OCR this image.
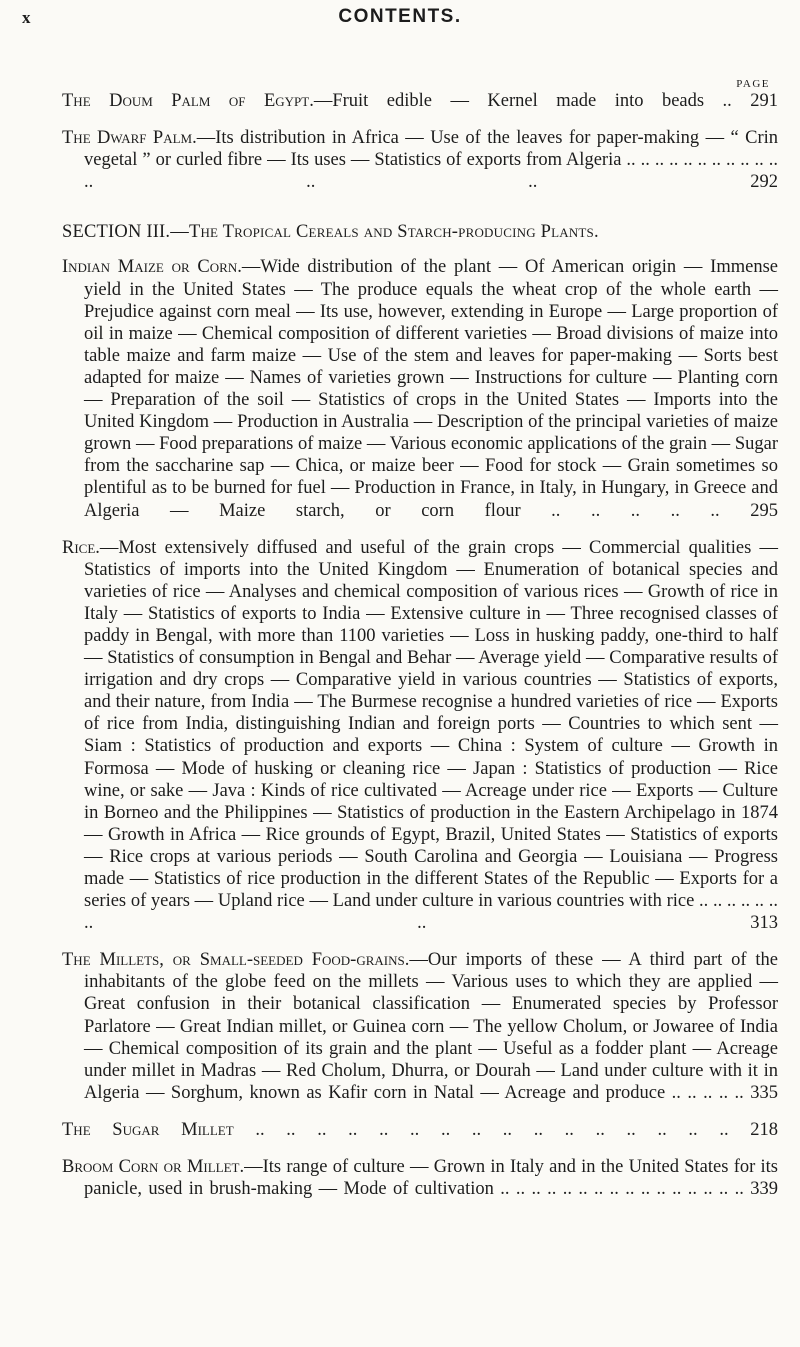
x	CONTENTS.
PAGE

The Doum Palm of Egypt.—Fruit edible — Kernel made into beads .. 291

The Dwarf Palm.—Its distribution in Africa — Use of the leaves for paper-making — “ Crin vegetal ” or curled fibre — Its uses — Statistics of exports from Algeria .. .. .. .. .. .. .. .. .. .. .. .. .. .. 292

SECTION III.—The Tropical Cereals and Starch-producing Plants.

Indian Maize or Corn.—Wide distribution of the plant — Of American origin — Immense yield in the United States — The produce equals the wheat crop of the whole earth — Prejudice against corn meal — Its use, however, extending in Europe — Large proportion of oil in maize — Chemical composition of different varieties — Broad divisions of maize into table maize and farm maize — Use of the stem and leaves for paper-making — Sorts best adapted for maize — Names of varieties grown — Instructions for culture — Planting corn — Preparation of the soil — Statistics of crops in the United States — Imports into the United Kingdom — Production in Australia — Description of the principal varieties of maize grown — Food preparations of maize — Various economic applications of the grain — Sugar from the saccharine sap — Chica, or maize beer — Food for stock — Grain sometimes so plentiful as to be burned for fuel — Production in France, in Italy, in Hungary, in Greece and Algeria — Maize starch, or corn flour .. .. .. .. .. 295

Rice.—Most extensively diffused and useful of the grain crops — Commercial qualities — Statistics of imports into the United Kingdom — Enumeration of botanical species and varieties of rice — Analyses and chemical composition of various rices — Growth of rice in Italy — Statistics of exports to India — Extensive culture in — Three recognised classes of paddy in Bengal, with more than 1100 varieties — Loss in husking paddy, one-third to half — Statistics of consumption in Bengal and Behar — Average yield — Comparative results of irrigation and dry crops — Comparative yield in various countries — Statistics of exports, and their nature, from India — The Burmese recognise a hundred varieties of rice — Exports of rice from India, distinguishing Indian and foreign ports — Countries to which sent — Siam : Statistics of production and exports — China : System of culture — Growth in Formosa — Mode of husking or cleaning rice — Japan : Statistics of production — Rice wine, or sake — Java : Kinds of rice cultivated — Acreage under rice — Exports — Culture in Borneo and the Philippines — Statistics of production in the Eastern Archipelago in 1874 — Growth in Africa — Rice grounds of Egypt, Brazil, United States — Statistics of exports — Rice crops at various periods — South Carolina and Georgia — Louisiana — Progress made — Statistics of rice production in the different States of the Republic — Exports for a series of years — Upland rice — Land under culture in various countries with rice .. .. .. .. .. .. .. .. 313

The Millets, or Small-seeded Food-grains.—Our imports of these — A third part of the inhabitants of the globe feed on the millets — Various uses to which they are applied — Great confusion in their botanical classification — Enumerated species by Professor Parlatore — Great Indian millet, or Guinea corn — The yellow Cholum, or Jowaree of India — Chemical composition of its grain and the plant — Useful as a fodder plant — Acreage under millet in Madras — Red Cholum, Dhurra, or Dourah — Land under culture with it in Algeria — Sorghum, known as Kafir corn in Natal — Acreage and produce .. .. .. .. .. 335

The Sugar Millet .. .. .. .. .. .. .. .. .. .. .. .. .. .. .. .. 218

Broom Corn or Millet.—Its range of culture — Grown in Italy and in the United States for its panicle, used in brush-making — Mode of cultivation .. .. .. .. .. .. .. .. .. .. .. .. .. .. .. .. 339
